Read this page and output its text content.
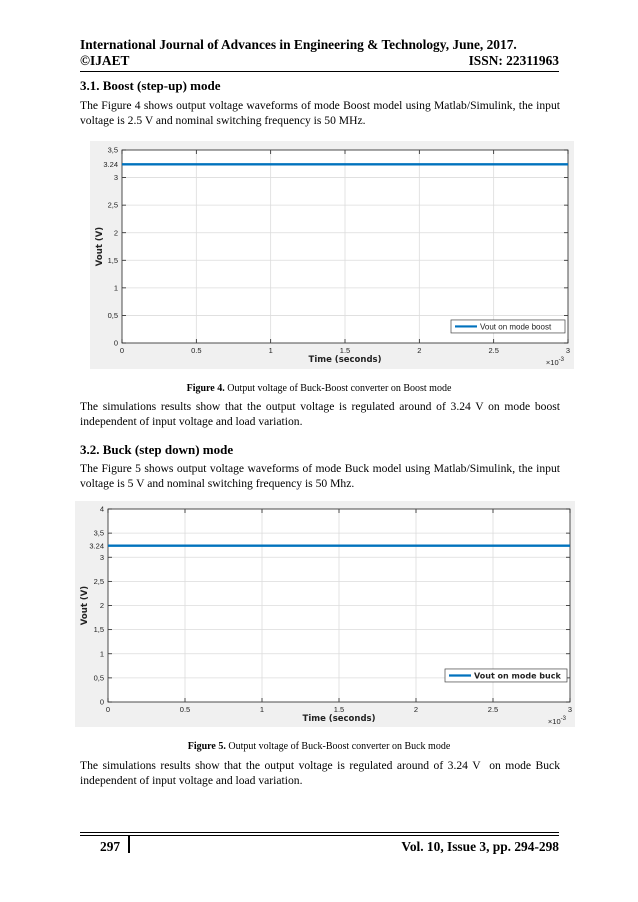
International Journal of Advances in Engineering & Technology, June, 2017.
©IJAET	ISSN: 22311963
3.1. Boost (step-up) mode
The Figure 4 shows output voltage waveforms of mode Boost model using Matlab/Simulink, the input
voltage is 2.5 V and nominal switching frequency is 50 MHz.
0	0.5	1	1.5	2	2.5	3
0
0,5
1
1,5
2
2,5
3
3.24
3,5
$\times 10^{-3}$
Time (seconds)
Vout (V)
Vout on mode boost
Figure 4. Output voltage of Buck-Boost converter on Boost mode
The simulations results show that the output voltage is regulated around of 3.24 V on mode boost
independent of input voltage and load variation.
3.2. Buck (step down) mode
The Figure 5 shows output voltage waveforms of mode Buck model using Matlab/Simulink, the input
voltage is 5 V and nominal switching frequency is 50 Mhz.
0	0.5	1	1.5	2	2.5	3
0
0,5
1
1,5
2
2,5
3
3.24
3,5
4
$\times 10^{-3}$
Time (seconds)
Vout (V)
Vout on mode buck
Figure 5. Output voltage of Buck-Boost converter on Buck mode
The simulations results show that the output voltage is regulated around of 3.24 V  on mode Buck
independent of input voltage and load variation.
297	Vol. 10, Issue 3, pp. 294-298
